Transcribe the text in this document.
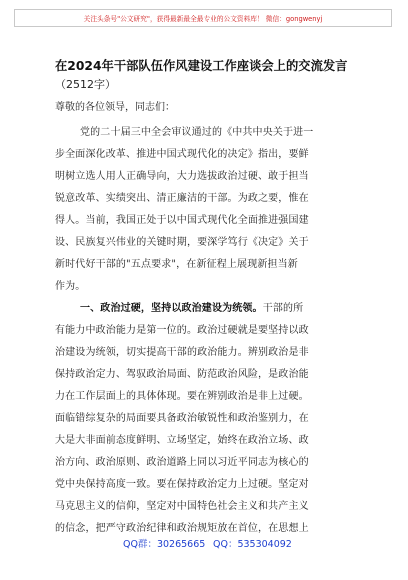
关注头条号"公文研究"，获得最新最全最专业的公文资料库！ 微信：gongwenyj
在2024年干部队伍作风建设工作座谈会上的交流发言
（2512字）
尊敬的各位领导，同志们：
党的二十届三中全会审议通过的《中共中央关于进一
步全面深化改革、推进中国式现代化的决定》指出，要鲜
明树立选人用人正确导向，大力选拔政治过硬、敢于担当
锐意改革、实绩突出、清正廉洁的干部。为政之要，惟在
得人。当前，我国正处于以中国式现代化全面推进强国建
设、民族复兴伟业的关键时期，要深学笃行《决定》关于
新时代好干部的"五点要求"，在新征程上展现新担当新
作为。
一、政治过硬，坚持以政治建设为统领。干部的所
有能力中政治能力是第一位的。政治过硬就是要坚持以政
治建设为统领，切实提高干部的政治能力。辨别政治是非
保持政治定力、驾驭政治局面、防范政治风险，是政治能
力在工作层面上的具体体现。要在辨别政治是非上过硬。
面临错综复杂的局面要具备政治敏锐性和政治鉴别力，在
大是大非面前态度鲜明、立场坚定，始终在政治立场、政
治方向、政治原则、政治道路上同以习近平同志为核心的
党中央保持高度一致。要在保持政治定力上过硬。坚定对
马克思主义的信仰，坚定对中国特色社会主义和共产主义
的信念，把严守政治纪律和政治规矩放在首位，在思想上
QQ群：30265665 QQ：535304092
